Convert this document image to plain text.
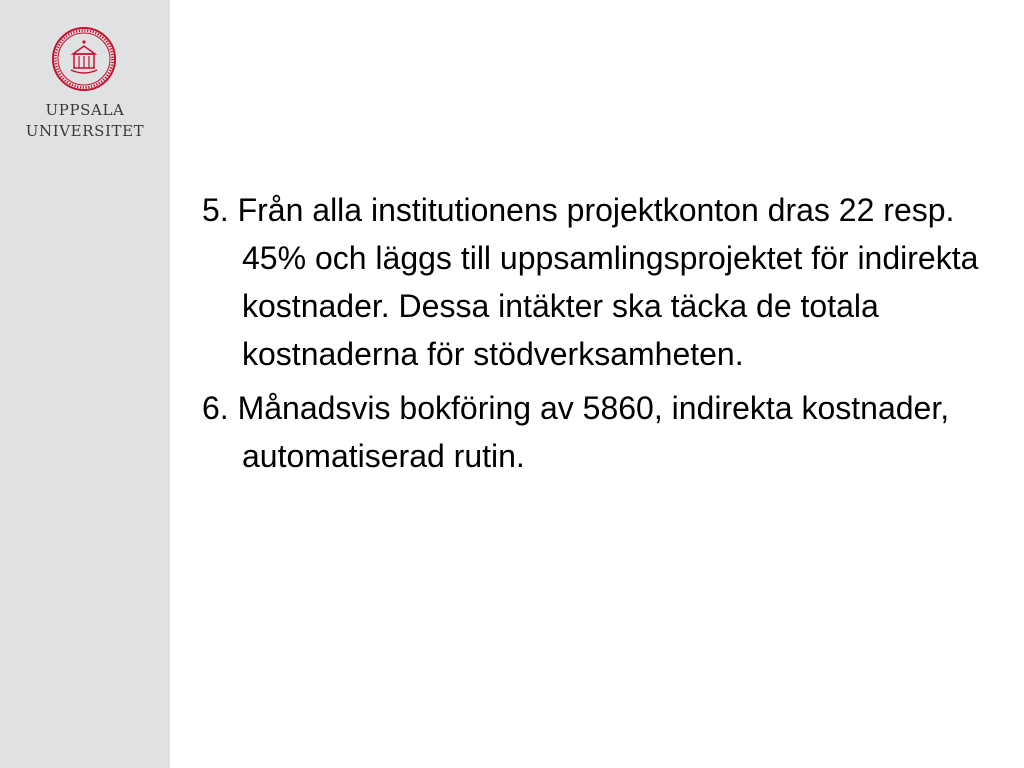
UPPSALA
UNIVERSITET

5. Från alla institutionens projektkonton dras 22 resp. 45% och läggs till uppsamlingsprojektet för indirekta kostnader. Dessa intäkter ska täcka de totala kostnaderna för stödverksamheten.

6. Månadsvis bokföring av 5860, indirekta kostnader, automatiserad rutin.
